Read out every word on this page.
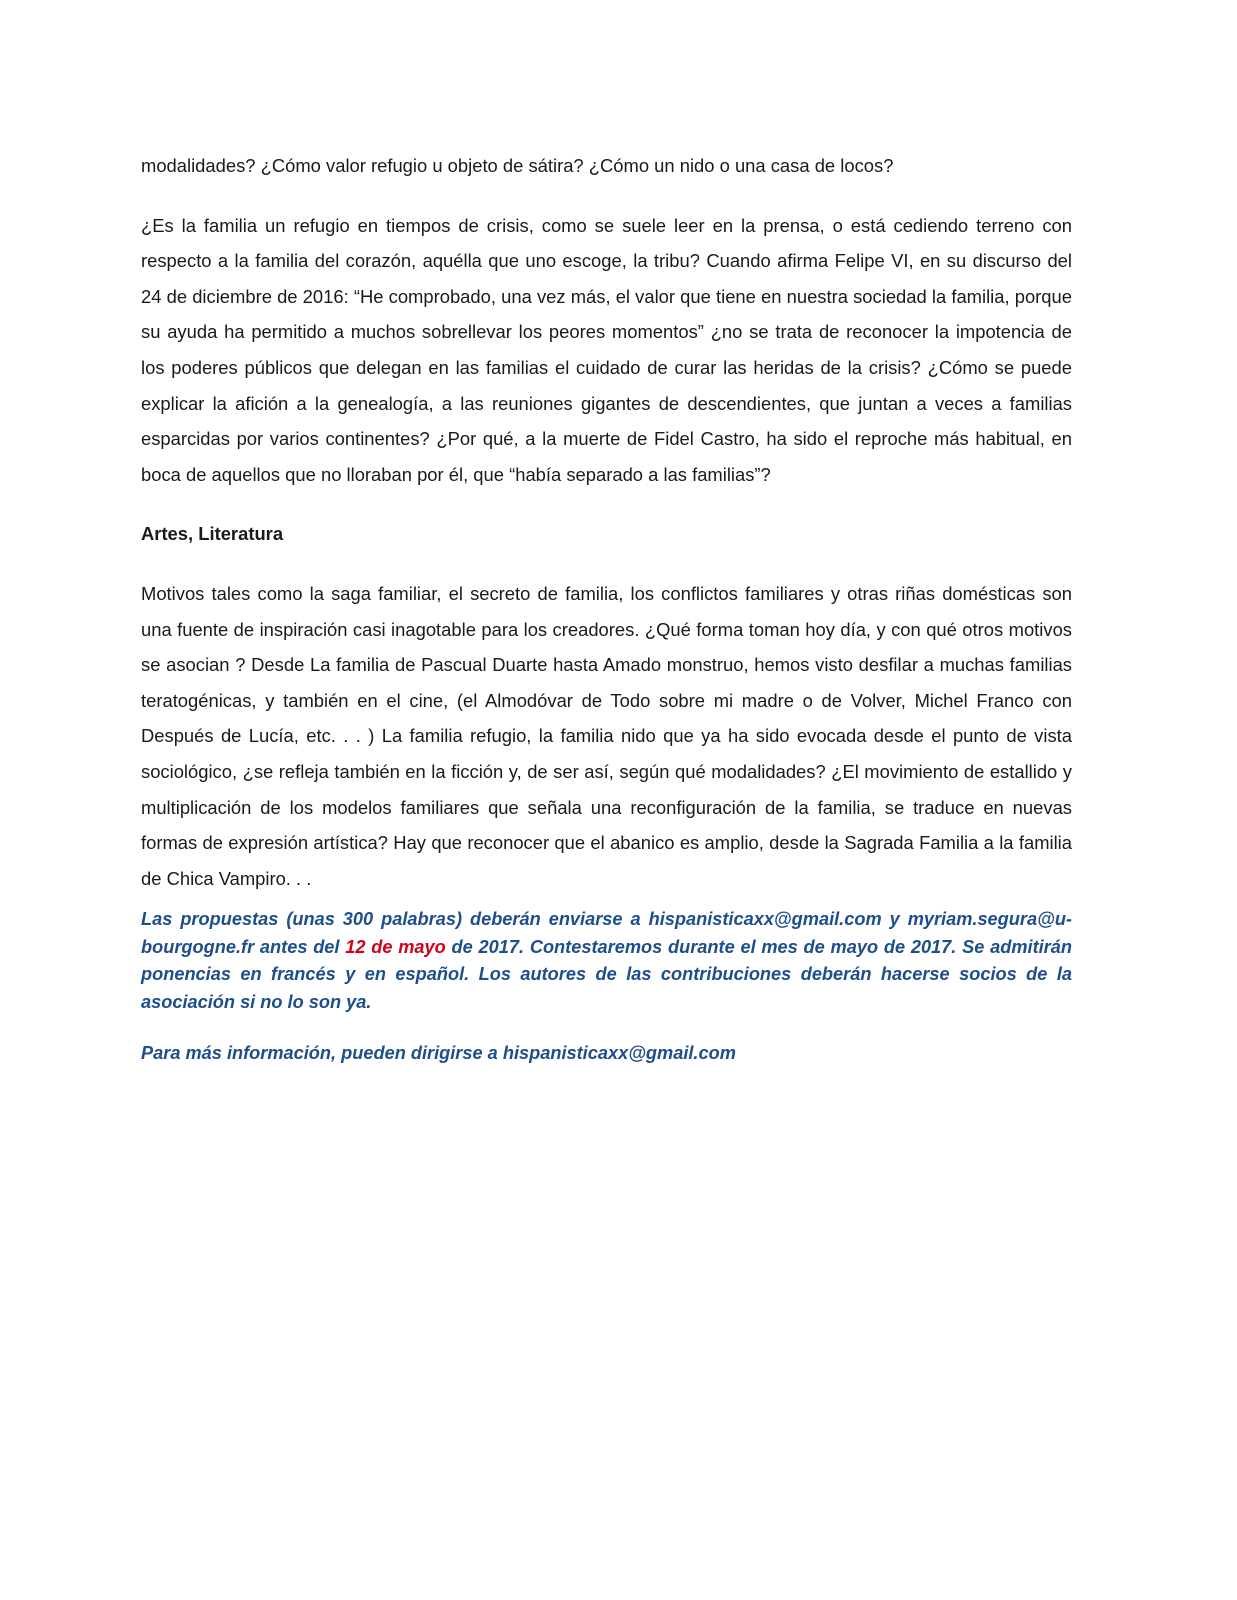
modalidades? ¿Cómo valor refugio u objeto de sátira? ¿Cómo un nido o una casa de locos?

¿Es la familia un refugio en tiempos de crisis, como se suele leer en la prensa, o está cediendo terreno con respecto a la familia del corazón, aquélla que uno escoge, la tribu? Cuando afirma Felipe VI, en su discurso del 24 de diciembre de 2016: “He comprobado, una vez más, el valor que tiene en nuestra sociedad la familia, porque su ayuda ha permitido a muchos sobrellevar los peores momentos” ¿no se trata de reconocer la impotencia de los poderes públicos que delegan en las familias el cuidado de curar las heridas de la crisis? ¿Cómo se puede explicar la afición a la genealogía, a las reuniones gigantes de descendientes, que juntan a veces a familias esparcidas por varios continentes? ¿Por qué, a la muerte de Fidel Castro, ha sido el reproche más habitual, en boca de aquellos que no lloraban por él, que “había separado a las familias”?

Artes, Literatura

Motivos tales como la saga familiar, el secreto de familia, los conflictos familiares y otras riñas domésticas son una fuente de inspiración casi inagotable para los creadores. ¿Qué forma toman hoy día, y con qué otros motivos se asocian ? Desde La familia de Pascual Duarte hasta Amado monstruo, hemos visto desfilar a muchas familias teratogénicas, y también en el cine, (el Almodóvar de Todo sobre mi madre o de Volver, Michel Franco con Después de Lucía, etc. . . ) La familia refugio, la familia nido que ya ha sido evocada desde el punto de vista sociológico, ¿se refleja también en la ficción y, de ser así, según qué modalidades? ¿El movimiento de estallido y multiplicación de los modelos familiares que señala una reconfiguración de la familia, se traduce en nuevas formas de expresión artística? Hay que reconocer que el abanico es amplio, desde la Sagrada Familia a la familia de Chica Vampiro. . .

Las propuestas (unas 300 palabras) deberán enviarse a hispanisticaxx@gmail.com y myriam.segura@u-bourgogne.fr antes del 12 de mayo de 2017. Contestaremos durante el mes de mayo de 2017. Se admitirán ponencias en francés y en español. Los autores de las contribuciones deberán hacerse socios de la asociación si no lo son ya.

Para más información, pueden dirigirse a hispanisticaxx@gmail.com
